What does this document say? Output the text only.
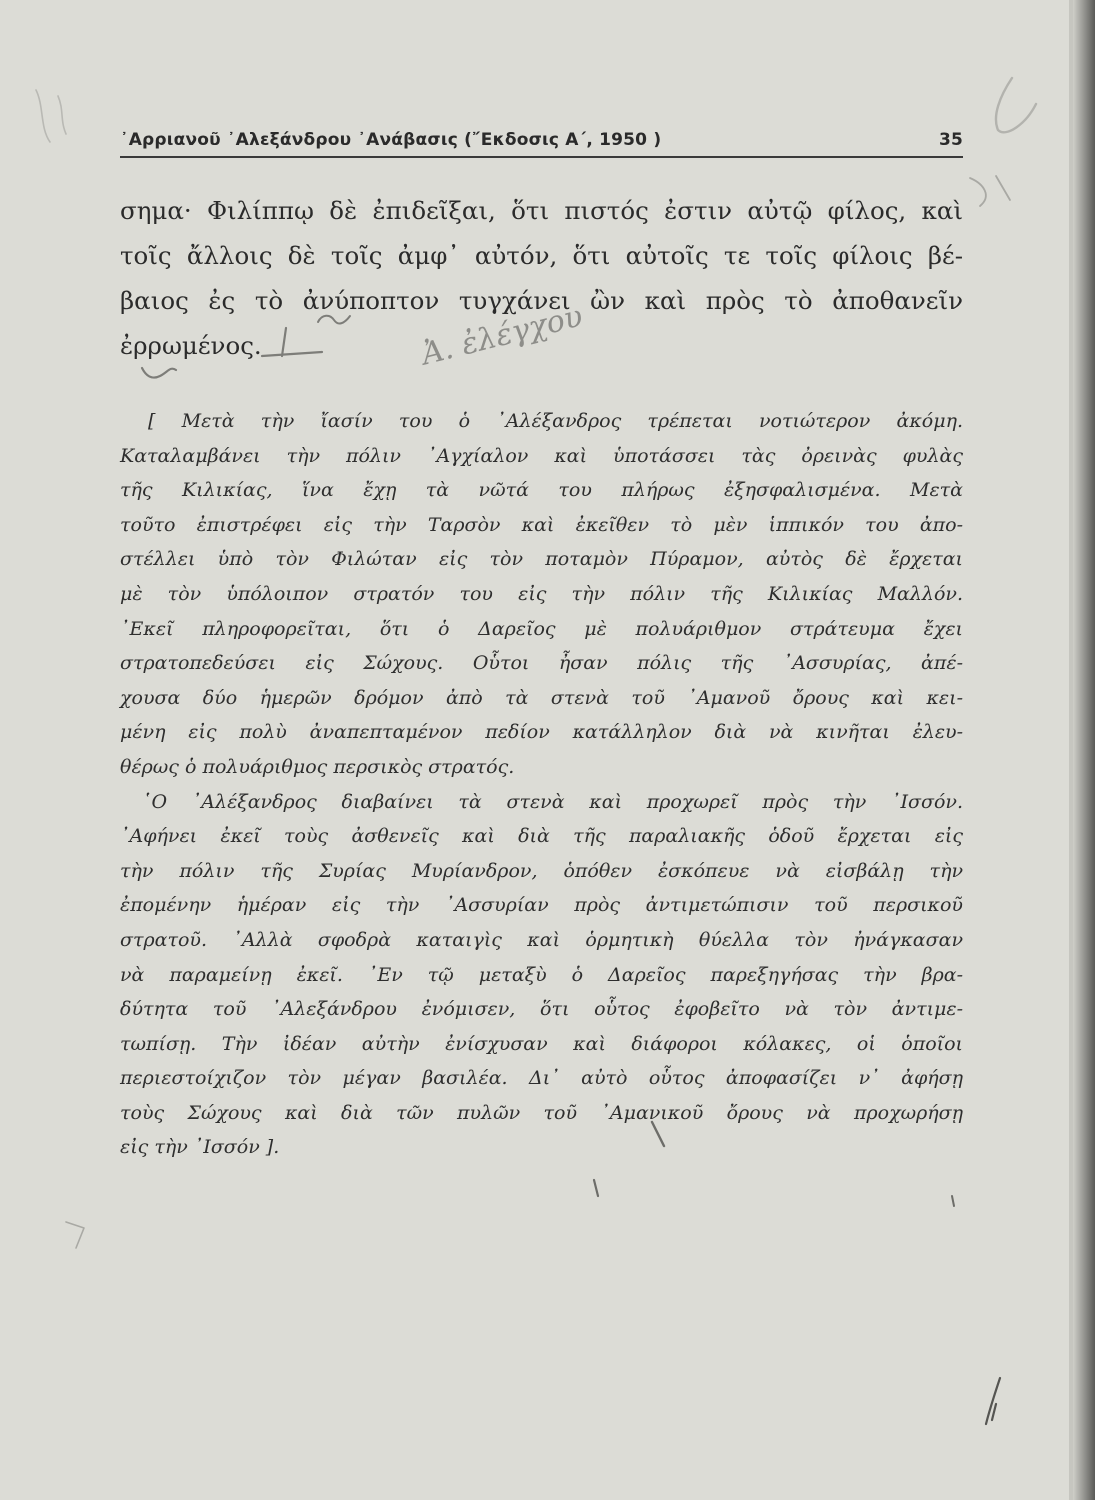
᾿Αρριανοῦ ᾿Αλεξάνδρου ᾿Ανάβασις (῎Εκδοσις Α΄, 1950 )	35
σημα· Φιλίππῳ δὲ ἐπιδεῖξαι, ὅτι πιστός ἐστιν αὐτῷ φίλος, καὶ
τοῖς ἄλλοις δὲ τοῖς ἀμφ᾿ αὐτόν, ὅτι αὐτοῖς τε τοῖς φίλοις βέ-
βαιος ἐς τὸ ἀνύποπτον τυγχάνει ὢν καὶ πρὸς τὸ ἀποθανεῖν
ἐρρωμένος.
[ Μετὰ τὴν ἴασίν του ὁ ᾿Αλέξανδρος τρέπεται νοτιώτερον ἀκόμη.
Καταλαμβάνει τὴν πόλιν ᾿Αγχίαλον καὶ ὑποτάσσει τὰς ὀρεινὰς φυλὰς
τῆς Κιλικίας, ἵνα ἔχῃ τὰ νῶτά του πλήρως ἐξησφαλισμένα. Μετὰ
τοῦτο ἐπιστρέφει εἰς τὴν Ταρσὸν καὶ ἐκεῖθεν τὸ μὲν ἱππικόν του ἀπο-
στέλλει ὑπὸ τὸν Φιλώταν εἰς τὸν ποταμὸν Πύραμον, αὐτὸς δὲ ἔρχεται
μὲ τὸν ὑπόλοιπον στρατόν του εἰς τὴν πόλιν τῆς Κιλικίας Μαλλόν.
᾿Εκεῖ πληροφορεῖται, ὅτι ὁ Δαρεῖος μὲ πολυάριθμον στράτευμα ἔχει
στρατοπεδεύσει εἰς Σώχους. Οὗτοι ἦσαν πόλις τῆς ᾿Ασσυρίας, ἀπέ-
χουσα δύο ἡμερῶν δρόμον ἀπὸ τὰ στενὰ τοῦ ᾿Αμανοῦ ὄρους καὶ κει-
μένη εἰς πολὺ ἀναπεπταμένον πεδίον κατάλληλον διὰ νὰ κινῆται ἐλευ-
θέρως ὁ πολυάριθμος περσικὸς στρατός.
῾Ο ᾿Αλέξανδρος διαβαίνει τὰ στενὰ καὶ προχωρεῖ πρὸς τὴν ᾿Ισσόν.
᾿Αφήνει ἐκεῖ τοὺς ἀσθενεῖς καὶ διὰ τῆς παραλιακῆς ὁδοῦ ἔρχεται εἰς
τὴν πόλιν τῆς Συρίας Μυρίανδρον, ὁπόθεν ἐσκόπευε νὰ εἰσβάλῃ τὴν
ἐπομένην ἡμέραν εἰς τὴν ᾿Ασσυρίαν πρὸς ἀντιμετώπισιν τοῦ περσικοῦ
στρατοῦ. ᾿Αλλὰ σφοδρὰ καταιγὶς καὶ ὁρμητικὴ θύελλα τὸν ἠνάγκασαν
νὰ παραμείνῃ ἐκεῖ. ᾿Εν τῷ μεταξὺ ὁ Δαρεῖος παρεξηγήσας τὴν βρα-
δύτητα τοῦ ᾿Αλεξάνδρου ἐνόμισεν, ὅτι οὗτος ἐφοβεῖτο νὰ τὸν ἀντιμε-
τωπίσῃ. Τὴν ἰδέαν αὐτὴν ἐνίσχυσαν καὶ διάφοροι κόλακες, οἱ ὁποῖοι
περιεστοίχιζον τὸν μέγαν βασιλέα. Δι᾿ αὐτὸ οὗτος ἀποφασίζει ν᾿ ἀφήσῃ
τοὺς Σώχους καὶ διὰ τῶν πυλῶν τοῦ ᾿Αμανικοῦ ὄρους νὰ προχωρήσῃ
εἰς τὴν ᾿Ισσόν ].
Ἀ. ἐλέγχου
